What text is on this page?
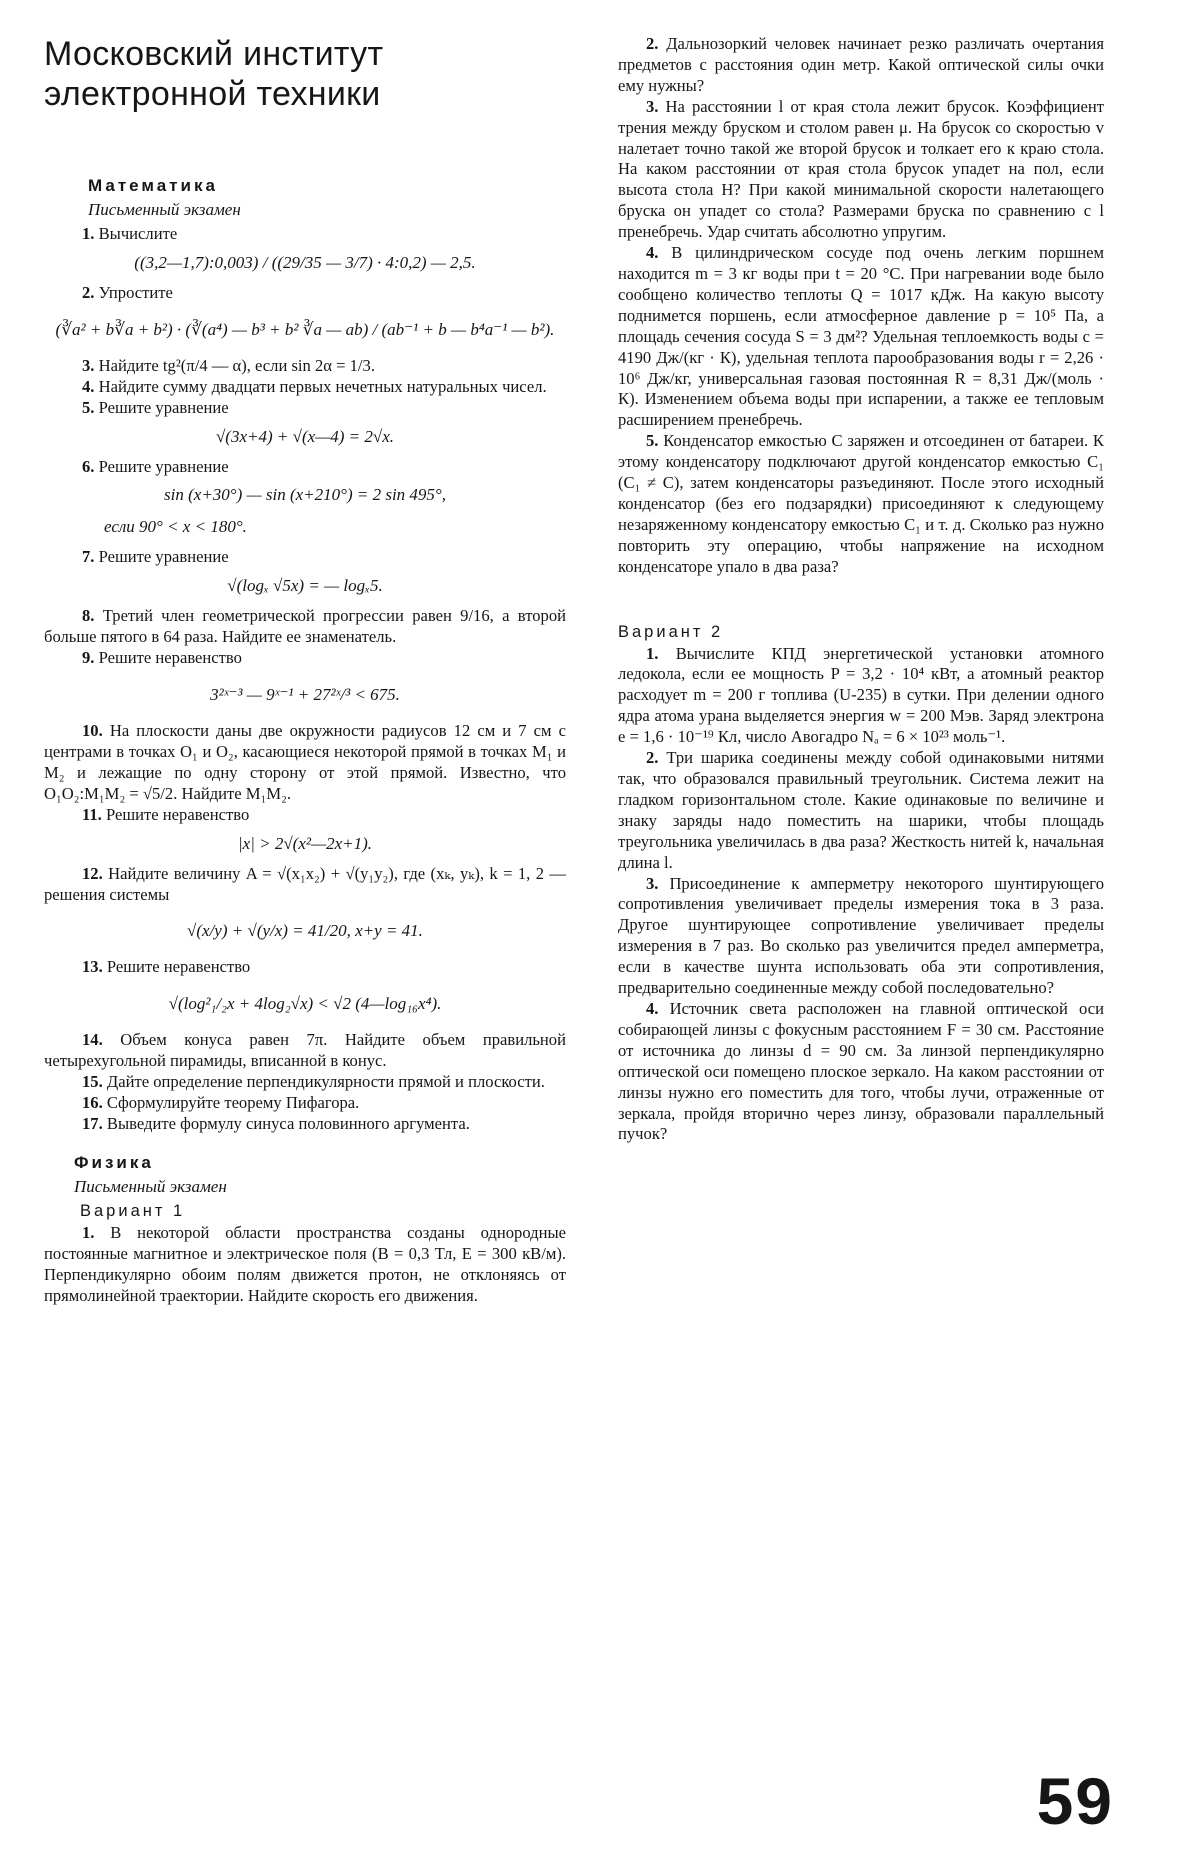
Московский институт
электронной техники
Математика
Письменный экзамен
1. Вычислите
((3,2—1,7):0,003) / ((29/35 — 3/7) · 4:0,2) — 2,5.
2. Упростите
(∛a² + b∛a + b²) · (∛(a⁴) — b³ + b² ∛a — ab) / (ab⁻¹ + b — b⁴a⁻¹ — b²).
3. Найдите tg²(π/4 — α), если sin 2α = 1/3.
4. Найдите сумму двадцати первых нечетных натуральных чисел.
5. Решите уравнение
√(3x+4) + √(x—4) = 2√x.
6. Решите уравнение
sin (x+30°) — sin (x+210°) = 2 sin 495°,
если 90° < x < 180°.
7. Решите уравнение
√(logₓ √5x) = — logₓ5.
8. Третий член геометрической прогрессии равен 9/16, а второй больше пятого в 64 раза. Найдите ее знаменатель.
9. Решите неравенство
3²ˣ⁻³ — 9ˣ⁻¹ + 27²ˣ/³ < 675.
10. На плоскости даны две окружности радиусов 12 см и 7 см с центрами в точках O₁ и O₂, касающиеся некоторой прямой в точках M₁ и M₂ и лежащие по одну сторону от этой прямой. Известно, что O₁O₂:M₁M₂ = √5/2. Найдите M₁M₂.
11. Решите неравенство
|x| > 2√(x²—2x+1).
12. Найдите величину A = √(x₁x₂) + √(y₁y₂), где (xₖ, yₖ), k = 1, 2 — решения системы
√(x/y) + √(y/x) = 41/20, x+y = 41.
13. Решите неравенство
√(log²₁/₂x + 4log₂√x) < √2 (4—log₁₆x⁴).
14. Объем конуса равен 7π. Найдите объем правильной четырехугольной пирамиды, вписанной в конус.
15. Дайте определение перпендикулярности прямой и плоскости.
16. Сформулируйте теорему Пифагора.
17. Выведите формулу синуса половинного аргумента.
Физика
Письменный экзамен
Вариант 1
1. В некоторой области пространства созданы однородные постоянные магнитное и электрическое поля (B = 0,3 Тл, E = 300 кВ/м). Перпендикулярно обоим полям движется протон, не отклоняясь от прямолинейной траектории. Найдите скорость его движения.
2. Дальнозоркий человек начинает резко различать очертания предметов с расстояния один метр. Какой оптической силы очки ему нужны?
3. На расстоянии l от края стола лежит брусок. Коэффициент трения между бруском и столом равен μ. На брусок со скоростью v налетает точно такой же второй брусок и толкает его к краю стола. На каком расстоянии от края стола брусок упадет на пол, если высота стола H? При какой минимальной скорости налетающего бруска он упадет со стола? Размерами бруска по сравнению с l пренебречь. Удар считать абсолютно упругим.
4. В цилиндрическом сосуде под очень легким поршнем находится m = 3 кг воды при t = 20 °C. При нагревании воде было сообщено количество теплоты Q = 1017 кДж. На какую высоту поднимется поршень, если атмосферное давление p = 10⁵ Па, а площадь сечения сосуда S = 3 дм²? Удельная теплоемкость воды c = 4190 Дж/(кг · К), удельная теплота парообразования воды r = 2,26 · 10⁶ Дж/кг, универсальная газовая постоянная R = 8,31 Дж/(моль · К). Изменением объема воды при испарении, а также ее тепловым расширением пренебречь.
5. Конденсатор емкостью C заряжен и отсоединен от батареи. К этому конденсатору подключают другой конденсатор емкостью C₁ (C₁ ≠ C), затем конденсаторы разъединяют. После этого исходный конденсатор (без его подзарядки) присоединяют к следующему незаряженному конденсатору емкостью C₁ и т. д. Сколько раз нужно повторить эту операцию, чтобы напряжение на исходном конденсаторе упало в два раза?
Вариант 2
1. Вычислите КПД энергетической установки атомного ледокола, если ее мощность P = 3,2 · 10⁴ кВт, а атомный реактор расходует m = 200 г топлива (U-235) в сутки. При делении одного ядра атома урана выделяется энергия w = 200 Мэв. Заряд электрона e = 1,6 · 10⁻¹⁹ Кл, число Авогадро Nₐ = 6 × 10²³ моль⁻¹.
2. Три шарика соединены между собой одинаковыми нитями так, что образовался правильный треугольник. Система лежит на гладком горизонтальном столе. Какие одинаковые по величине и знаку заряды надо поместить на шарики, чтобы площадь треугольника увеличилась в два раза? Жесткость нитей k, начальная длина l.
3. Присоединение к амперметру некоторого шунтирующего сопротивления увеличивает пределы измерения тока в 3 раза. Другое шунтирующее сопротивление увеличивает пределы измерения в 7 раз. Во сколько раз увеличится предел амперметра, если в качестве шунта использовать оба эти сопротивления, предварительно соединенные между собой последовательно?
4. Источник света расположен на главной оптической оси собирающей линзы с фокусным расстоянием F = 30 см. Расстояние от источника до линзы d = 90 см. За линзой перпендикулярно оптической оси помещено плоское зеркало. На каком расстоянии от линзы нужно его поместить для того, чтобы лучи, отраженные от зеркала, пройдя вторично через линзу, образовали параллельный пучок?
59
